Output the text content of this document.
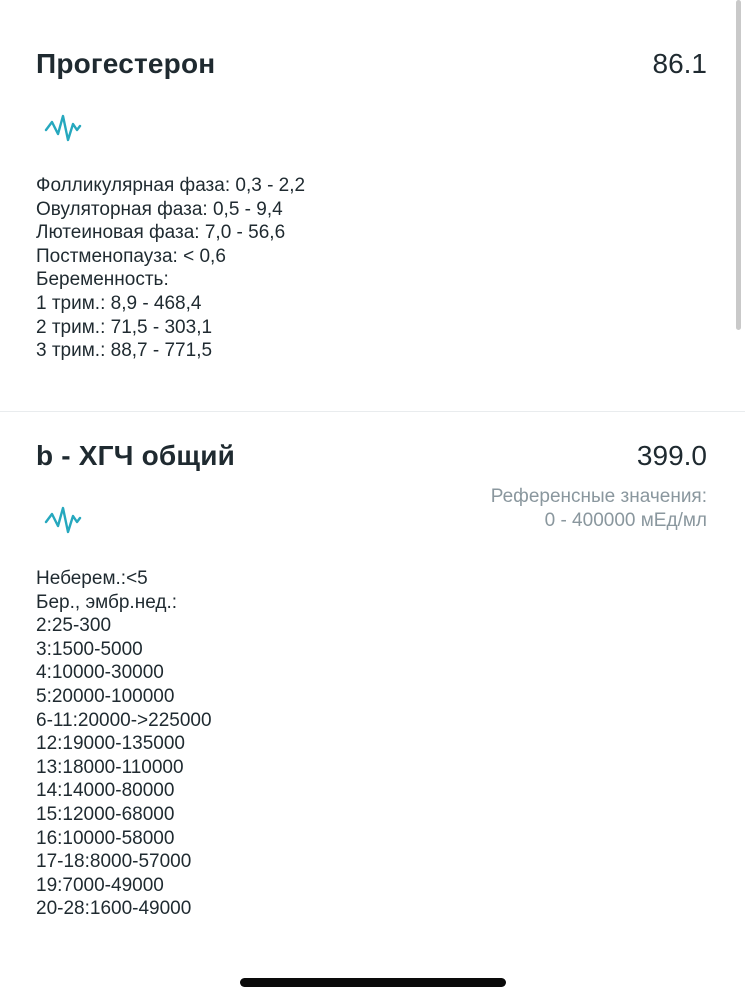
Прогестерон	86.1
Фолликулярная фаза: 0,3 - 2,2
Овуляторная фаза: 0,5 - 9,4
Лютеиновая фаза: 7,0 - 56,6
Постменопауза: < 0,6
Беременность:
1 трим.: 8,9 - 468,4
2 трим.: 71,5 - 303,1
3 трим.: 88,7 - 771,5
b - ХГЧ общий	399.0
Референсные значения:
0 - 400000 мЕд/мл
Неберем.:<5
Бер., эмбр.нед.:
2:25-300
3:1500-5000
4:10000-30000
5:20000-100000
6-11:20000->225000
12:19000-135000
13:18000-110000
14:14000-80000
15:12000-68000
16:10000-58000
17-18:8000-57000
19:7000-49000
20-28:1600-49000
